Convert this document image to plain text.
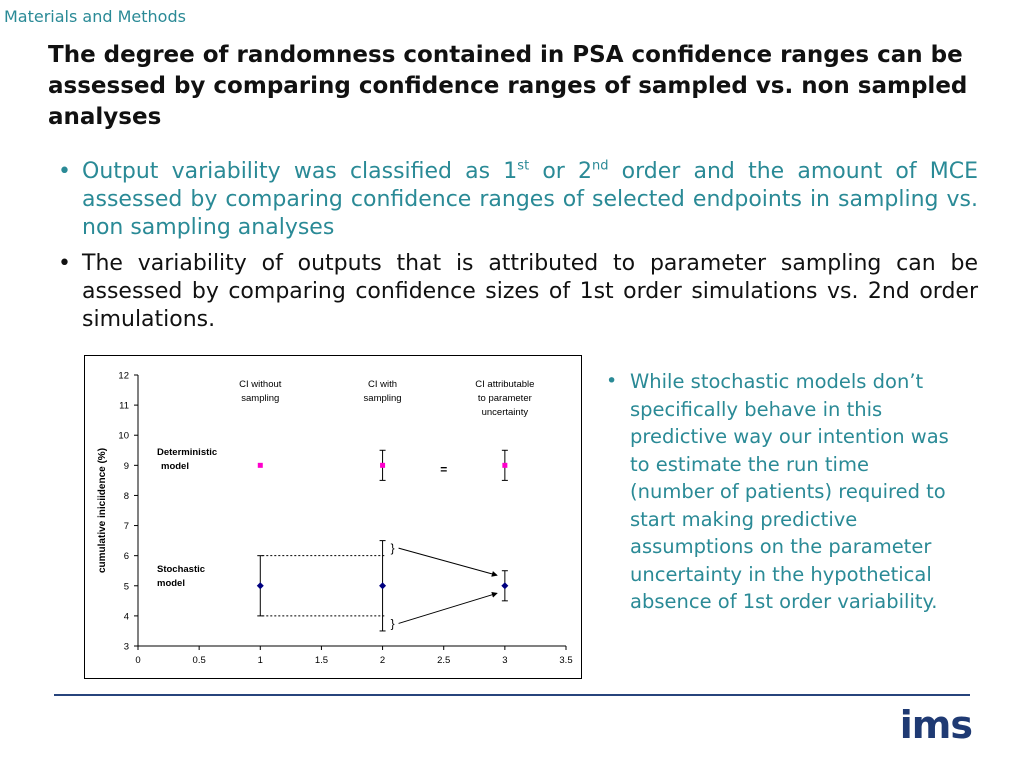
Materials and Methods
The degree of randomness contained in PSA confidence ranges can be assessed by comparing confidence ranges of sampled vs. non sampled analyses
• Output variability was classified as 1st or 2nd order and the amount of MCE assessed by comparing confidence ranges of selected endpoints in sampling vs. non sampling analyses
• The variability of outputs that is attributed to parameter sampling can be assessed by comparing confidence sizes of 1st order simulations vs. 2nd order simulations.
3
4
5
6
7
8
9
10
11
12
0	0.5	1	1.5	2	2.5	3	3.5
cumulative iniciidence (%)
CI without
sampling
CI with
sampling
CI attributable
to parameter
uncertainty
Deterministic
model
Stochastic
model
=
}
}
• While stochastic models don’t specifically behave in this predictive way our intention was to estimate the run time (number of patients) required to start making predictive assumptions on the parameter uncertainty in the hypothetical absence of 1st order variability.
ims
